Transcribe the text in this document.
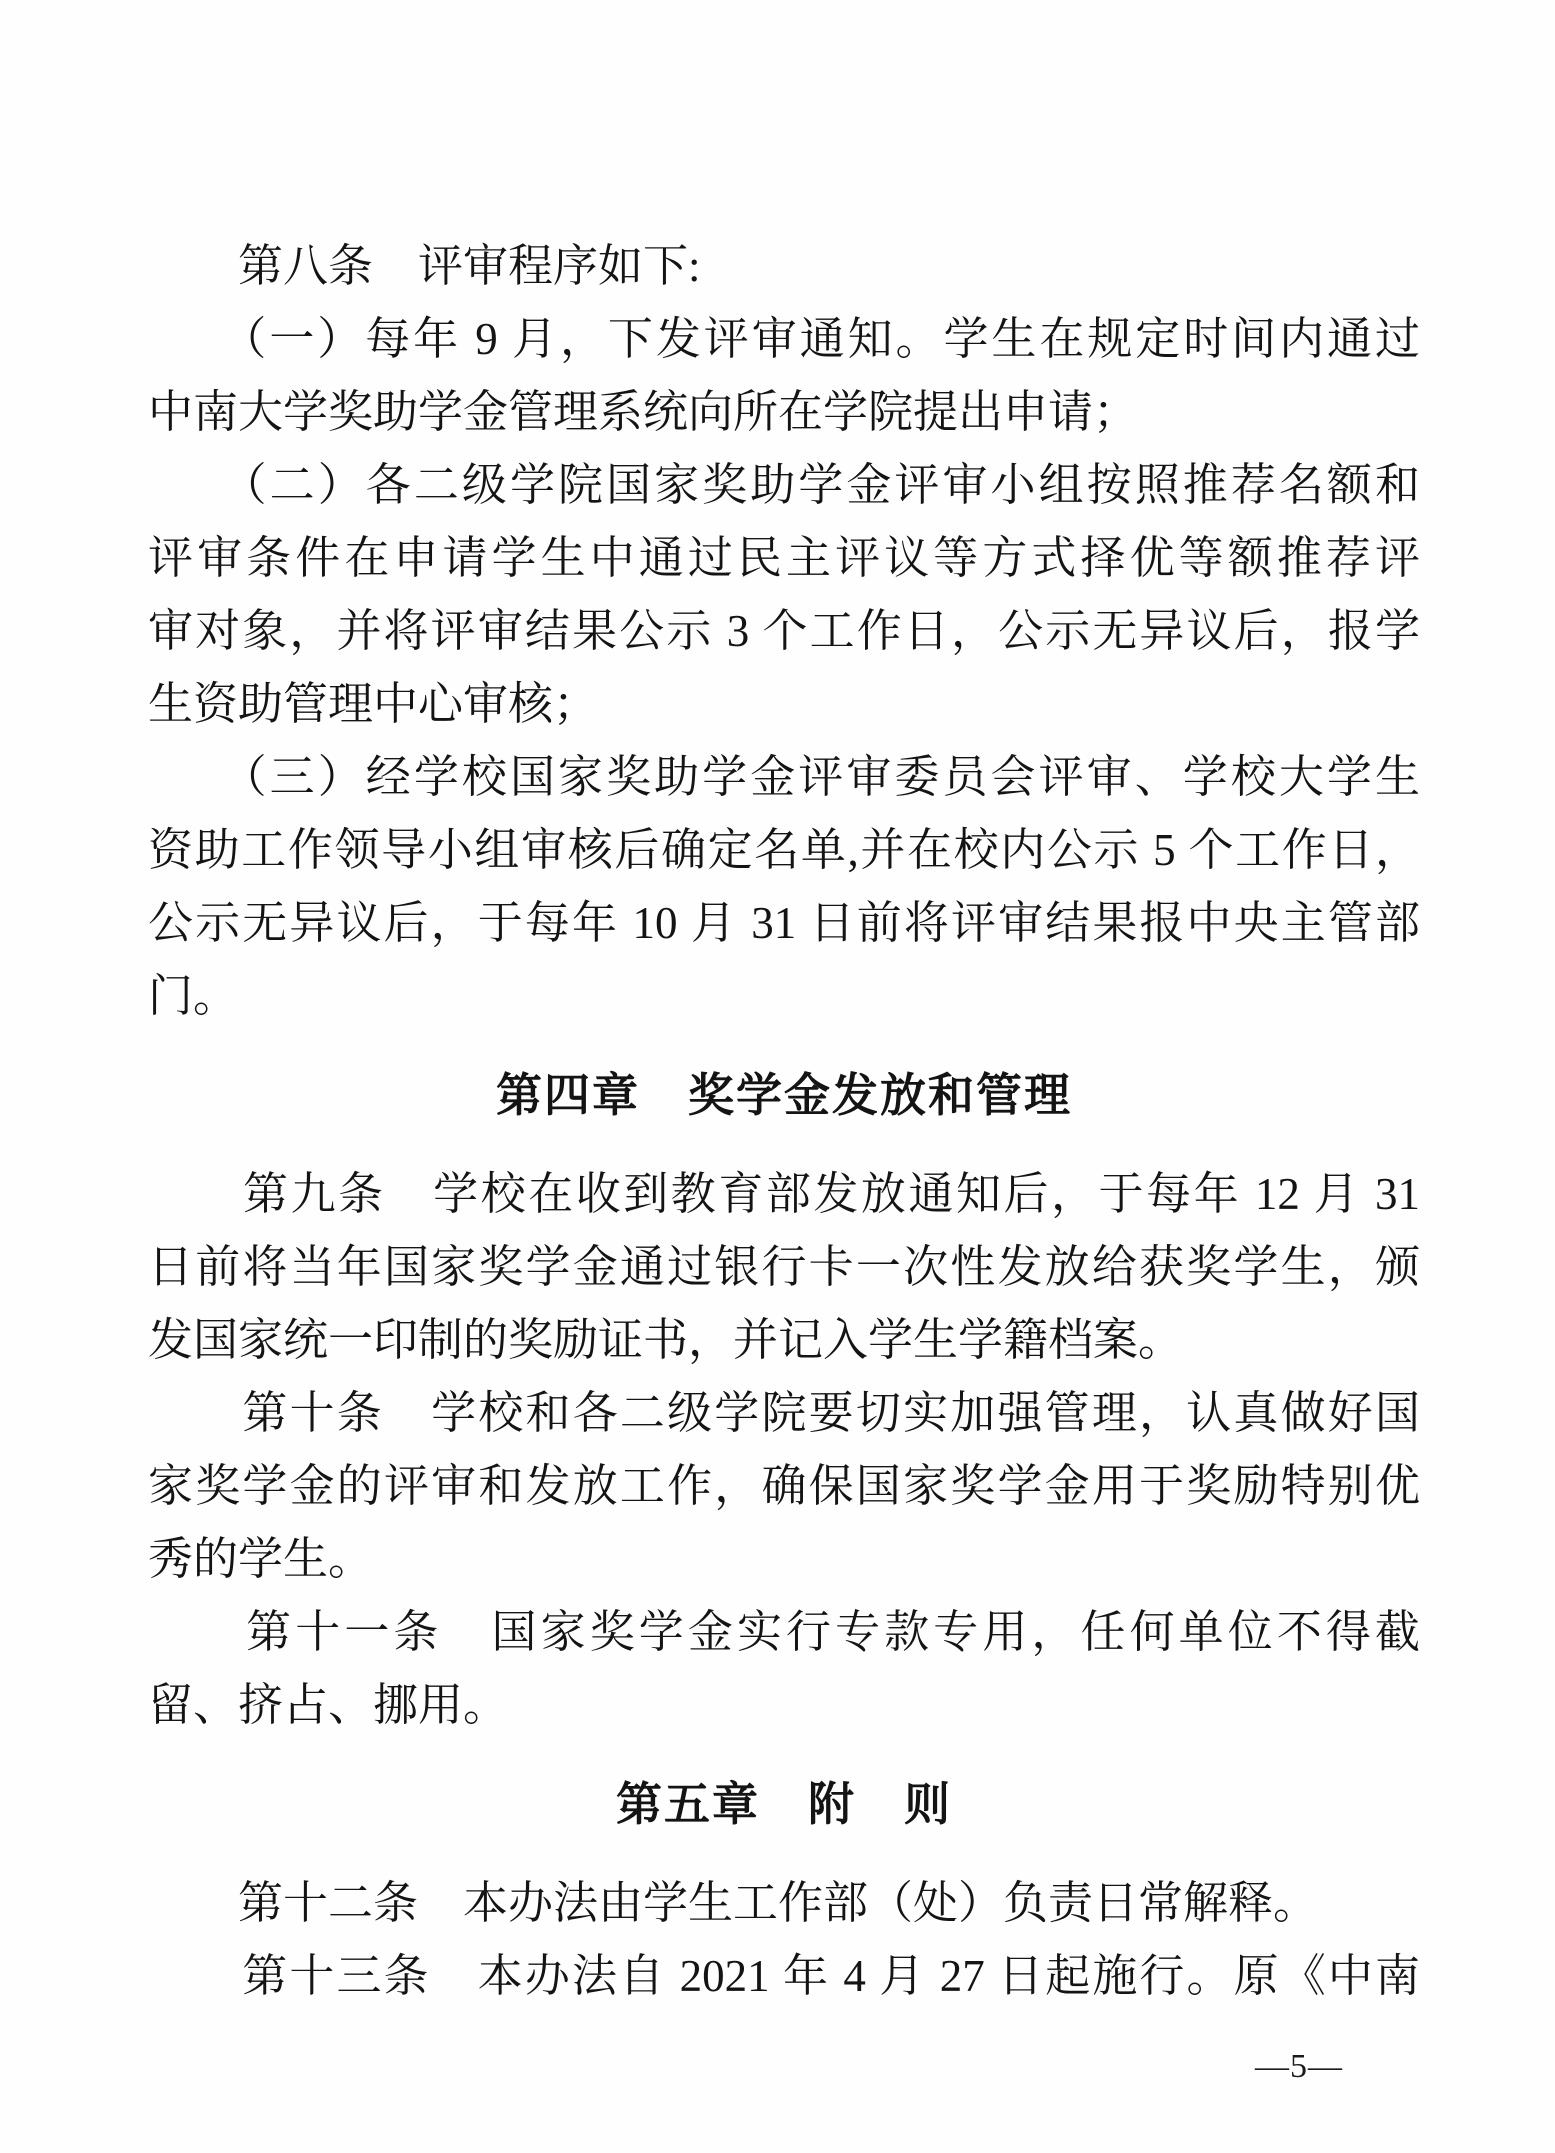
　　第八条　评审程序如下:
　　（一）每年 9 月，下发评审通知。学生在规定时间内通过
中南大学奖助学金管理系统向所在学院提出申请；
　　（二）各二级学院国家奖助学金评审小组按照推荐名额和
评审条件在申请学生中通过民主评议等方式择优等额推荐评
审对象，并将评审结果公示 3 个工作日，公示无异议后，报学
生资助管理中心审核；
　　（三）经学校国家奖助学金评审委员会评审、学校大学生
资助工作领导小组审核后确定名单,并在校内公示 5 个工作日，
公示无异议后，于每年 10 月 31 日前将评审结果报中央主管部
门。
第四章　奖学金发放和管理
　　第九条　学校在收到教育部发放通知后，于每年 12 月 31
日前将当年国家奖学金通过银行卡一次性发放给获奖学生，颁
发国家统一印制的奖励证书，并记入学生学籍档案。
　　第十条　学校和各二级学院要切实加强管理，认真做好国
家奖学金的评审和发放工作，确保国家奖学金用于奖励特别优
秀的学生。
　　第十一条　国家奖学金实行专款专用，任何单位不得截
留、挤占、挪用。
第五章　附　则
　　第十二条　本办法由学生工作部（处）负责日常解释。
　　第十三条　本办法自 2021 年 4 月 27 日起施行。原《中南
—5—
